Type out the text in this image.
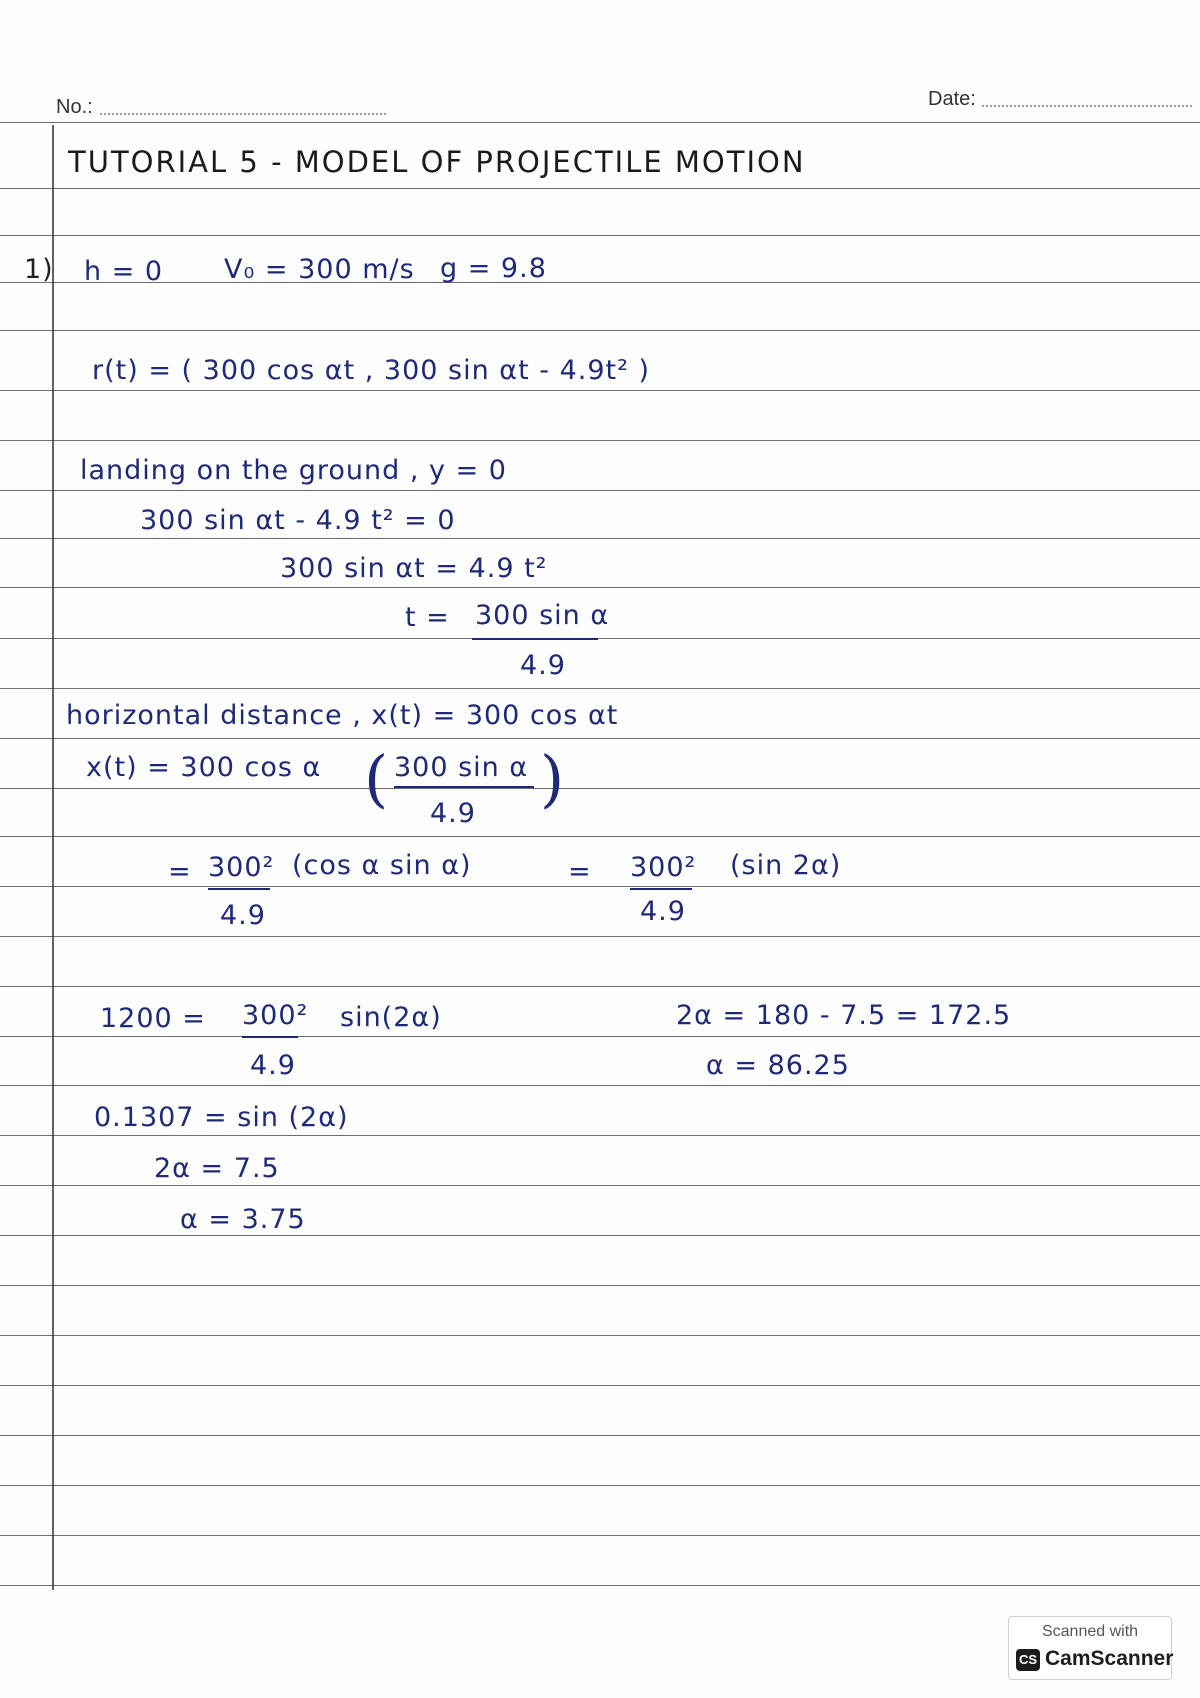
No.:	Date:
TUTORIAL 5 - MODEL OF PROJECTILE MOTION
1) h = 0 V₀ = 300 m/s g = 9.8
r(t) = ( 300 cos αt , 300 sin αt - 4.9t² )
landing on the ground , y = 0
300 sin αt - 4.9 t² = 0
300 sin αt = 4.9 t²
t = 300 sin α
4.9
horizontal distance , x(t) = 300 cos αt
x(t) = 300 cos α ( 300 sin α
4.9 )
= 300² (cos α sin α)
4.9
= 300² (sin 2α)
4.9
1200 = 300² sin(2α)
4.9
0.1307 = sin (2α)
2α = 7.5
α = 3.75
2α = 180 - 7.5 = 172.5
α = 86.25
Scanned with
CS CamScanner
